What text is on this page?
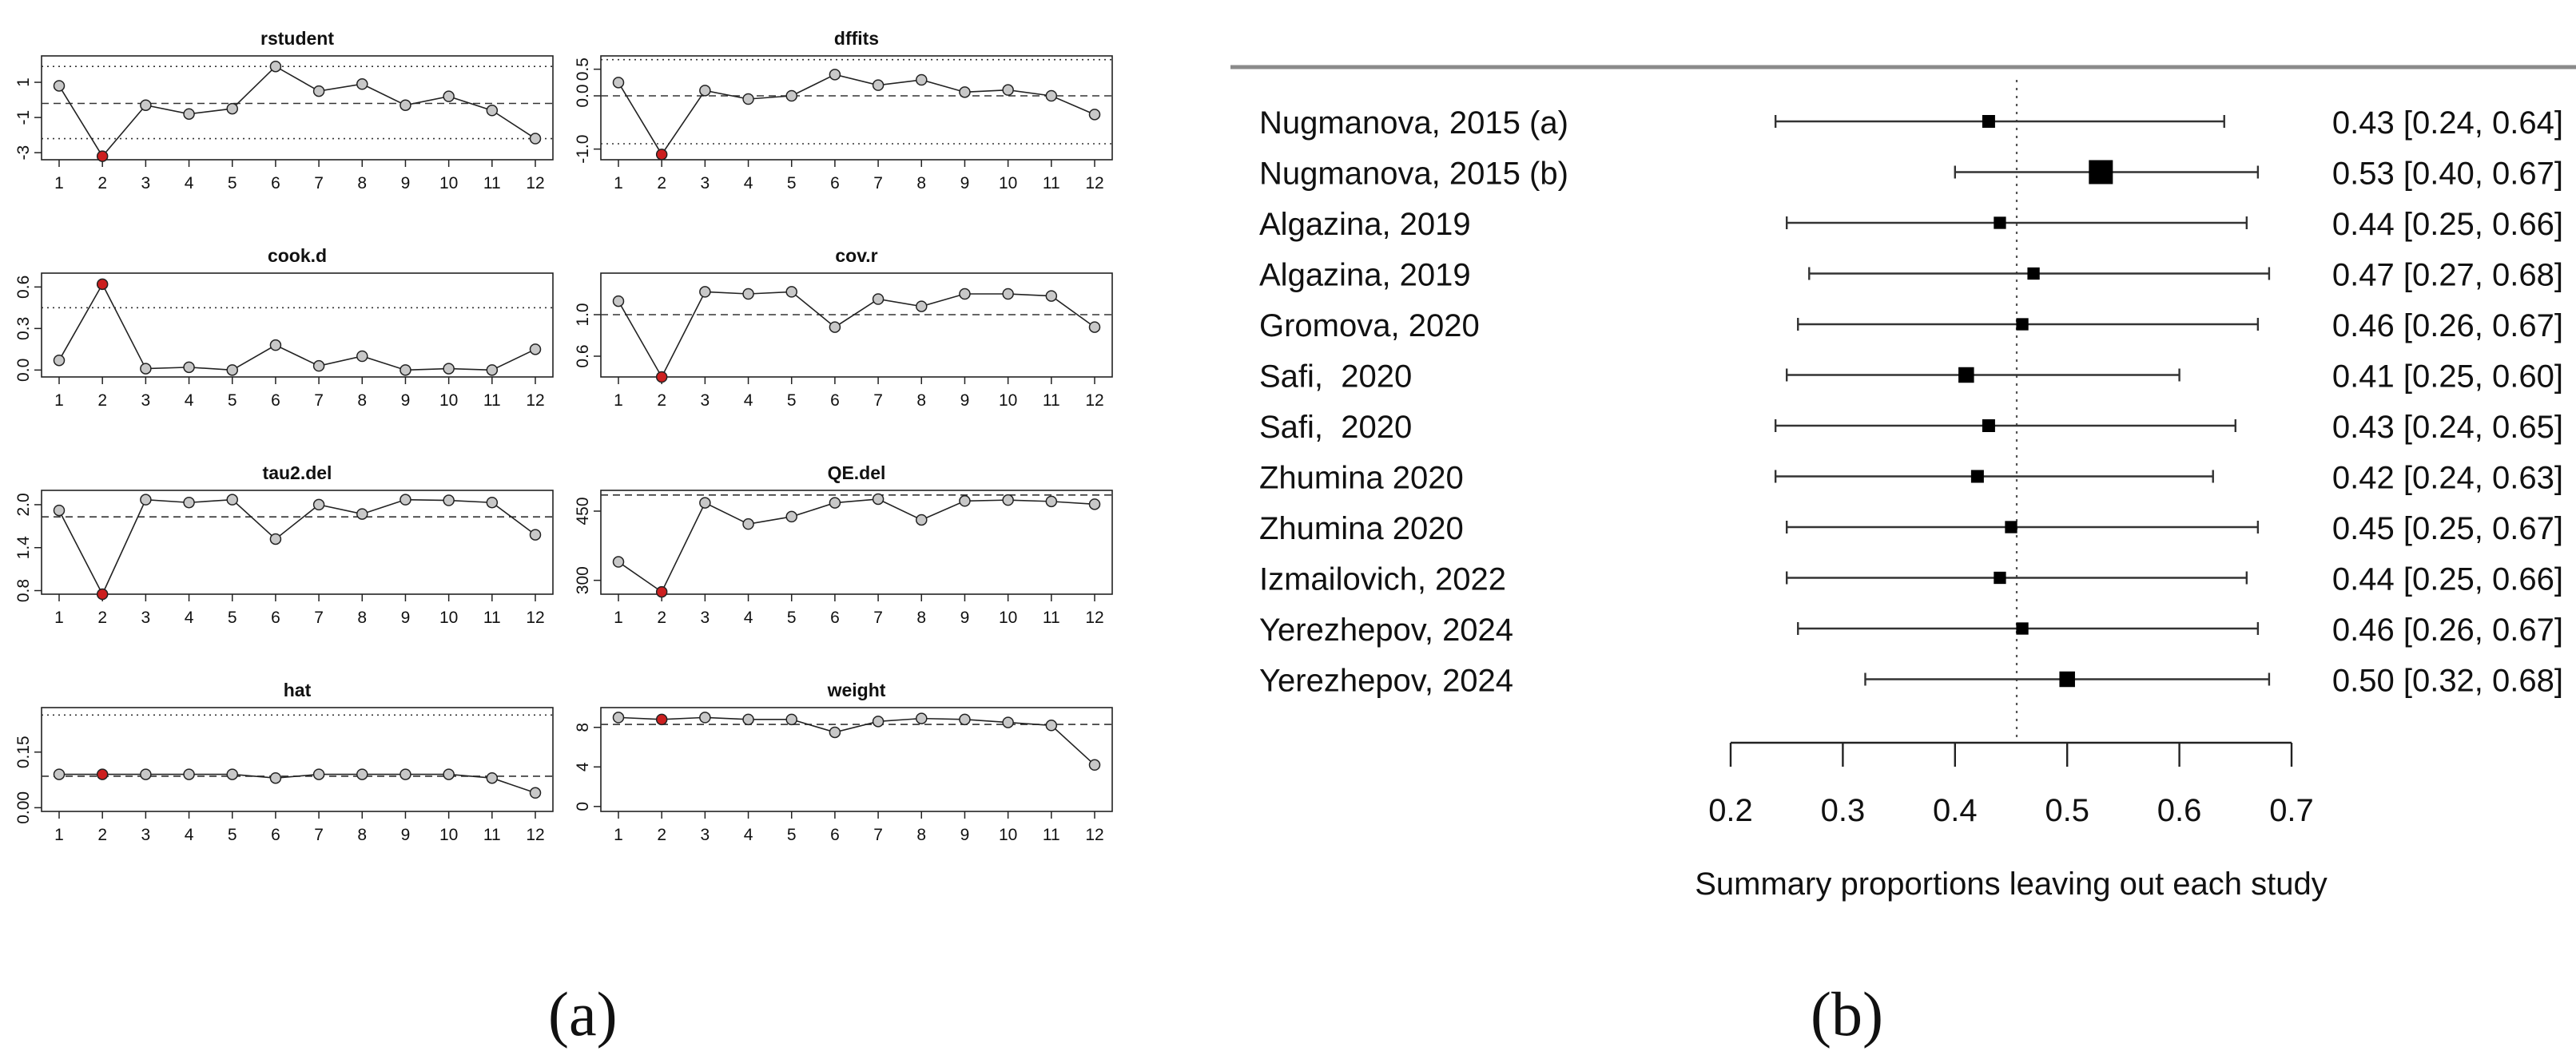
rstudent
-3
-1
1
1 2 3 4 5 6 7 8 9 10 11 12
dffits
-1.0
0.0
0.5
1 2 3 4 5 6 7 8 9 10 11 12
cook.d
0.0
0.3
0.6
1 2 3 4 5 6 7 8 9 10 11 12
cov.r
0.6
1.0
1 2 3 4 5 6 7 8 9 10 11 12
tau2.del
0.8
1.4
2.0
1 2 3 4 5 6 7 8 9 10 11 12
QE.del
300
450
1 2 3 4 5 6 7 8 9 10 11 12
hat
0.00
0.15
1 2 3 4 5 6 7 8 9 10 11 12
weight
0
4
8
1 2 3 4 5 6 7 8 9 10 11 12
Nugmanova, 2015 (a)	0.43 [0.24, 0.64]
Nugmanova, 2015 (b)	0.53 [0.40, 0.67]
Algazina, 2019	0.44 [0.25, 0.66]
Algazina, 2019	0.47 [0.27, 0.68]
Gromova, 2020	0.46 [0.26, 0.67]
Safi,  2020	0.41 [0.25, 0.60]
Safi,  2020	0.43 [0.24, 0.65]
Zhumina 2020	0.42 [0.24, 0.63]
Zhumina 2020	0.45 [0.25, 0.67]
Izmailovich, 2022	0.44 [0.25, 0.66]
Yerezhepov, 2024	0.46 [0.26, 0.67]
Yerezhepov, 2024	0.50 [0.32, 0.68]
0.2 0.3 0.4 0.5 0.6 0.7
Summary proportions leaving out each study
(a)	(b)
